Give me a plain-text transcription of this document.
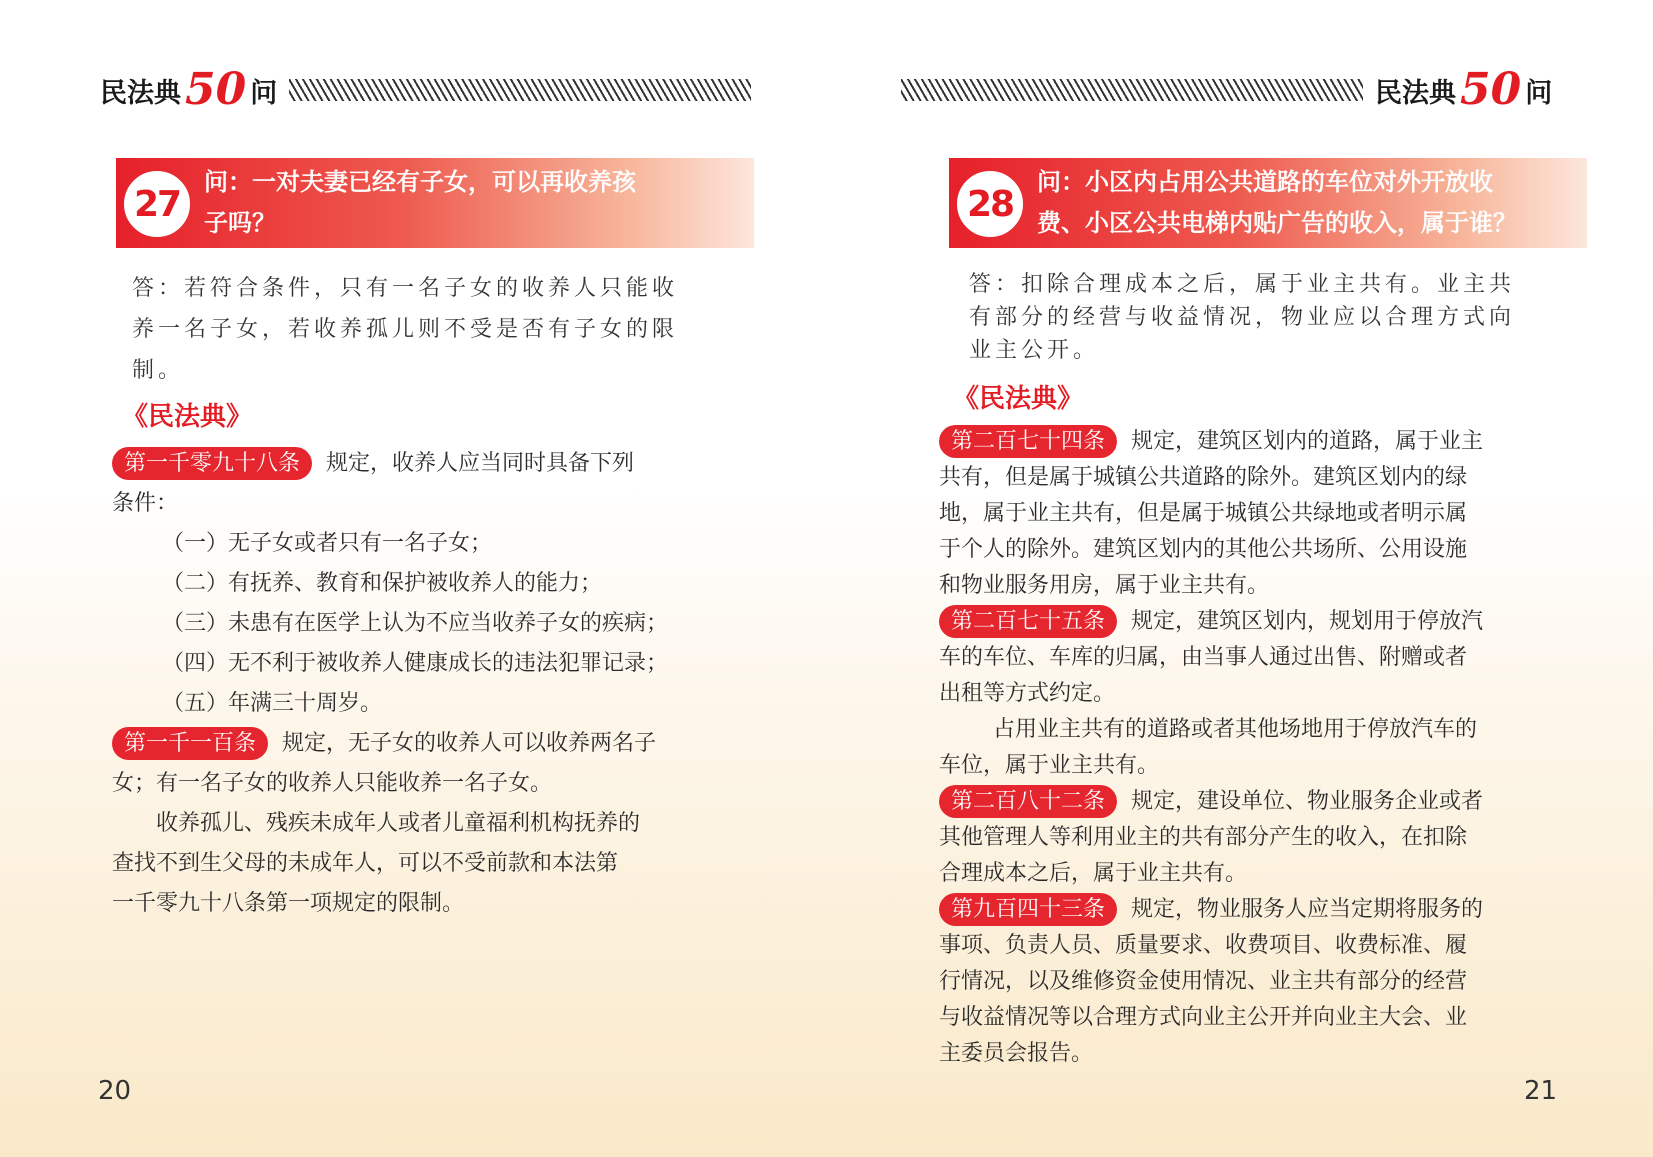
民法典 50 问
27
问：一对夫妻已经有子女，可以再收养孩
子吗？
答：若符合条件，只有一名子女的收养人只能收
养一名子女，若收养孤儿则不受是否有子女的限
制。
《民法典》
第一千零九十八条 规定，收养人应当同时具备下列
条件：
（一）无子女或者只有一名子女；
（二）有抚养、教育和保护被收养人的能力；
（三）未患有在医学上认为不应当收养子女的疾病；
（四）无不利于被收养人健康成长的违法犯罪记录；
（五）年满三十周岁。
第一千一百条 规定，无子女的收养人可以收养两名子
女；有一名子女的收养人只能收养一名子女。
收养孤儿、残疾未成年人或者儿童福利机构抚养的
查找不到生父母的未成年人，可以不受前款和本法第
一千零九十八条第一项规定的限制。
20
民法典 50 问
28
问：小区内占用公共道路的车位对外开放收
费、小区公共电梯内贴广告的收入，属于谁？
答：扣除合理成本之后，属于业主共有。业主共
有部分的经营与收益情况，物业应以合理方式向
业主公开。
《民法典》
第二百七十四条 规定，建筑区划内的道路，属于业主
共有，但是属于城镇公共道路的除外。建筑区划内的绿
地，属于业主共有，但是属于城镇公共绿地或者明示属
于个人的除外。建筑区划内的其他公共场所、公用设施
和物业服务用房，属于业主共有。
第二百七十五条 规定，建筑区划内，规划用于停放汽
车的车位、车库的归属，由当事人通过出售、附赠或者
出租等方式约定。
占用业主共有的道路或者其他场地用于停放汽车的
车位，属于业主共有。
第二百八十二条 规定，建设单位、物业服务企业或者
其他管理人等利用业主的共有部分产生的收入，在扣除
合理成本之后，属于业主共有。
第九百四十三条 规定，物业服务人应当定期将服务的
事项、负责人员、质量要求、收费项目、收费标准、履
行情况，以及维修资金使用情况、业主共有部分的经营
与收益情况等以合理方式向业主公开并向业主大会、业
主委员会报告。
21
